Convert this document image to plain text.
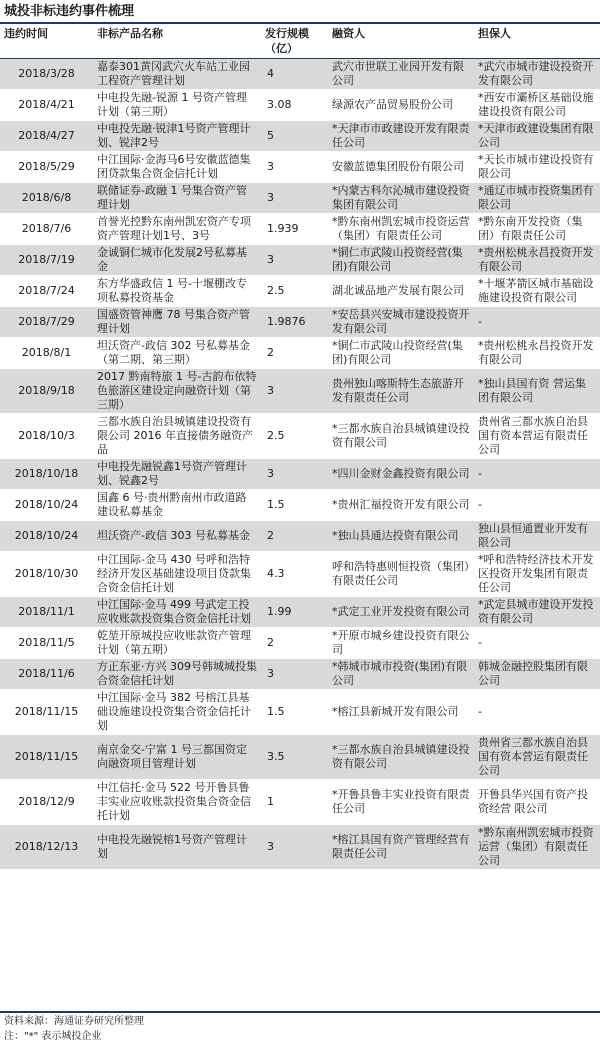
城投非标违约事件梳理
违约时间	非标产品名称	发行规模（亿）	融资人	担保人
2018/3/28	嘉泰301黄冈武穴火车站工业园工程资产管理计划	4	武穴市世联工业园开发有限公司	*武穴市城市建设投资开发有限公司
2018/4/21	中电投先融-锐源 1 号资产管理计划（第三期）	3.08	绿源农产品贸易股份公司	*西安市灞桥区基础设施建设投资有限公司
2018/4/27	中电投先融·锐津1号资产管理计划、锐津2号	5	*天津市市政建设开发有限责任公司	*天津市政建设集团有限公司
2018/5/29	中江国际·金海马6号安徽蓝德集团贷款集合资金信托计划	3	安徽蓝德集团股份有限公司	*天长市城市建设投资有限公司
2018/6/8	联储证券-政融 1 号集合资产管理计划	3	*内蒙古科尔沁城市建设投资集团有限公司	*通辽市城市投资集团有限公司
2018/7/6	首誉光控黔东南州凯宏资产专项资产管理计划1号、3号	1.939	*黔东南州凯宏城市投资运营（集团）有限责任公司	*黔东南开发投资（集团）有限责任公司
2018/7/19	金诚铜仁城市化发展2号私募基金	3	*铜仁市武陵山投资经营(集团)有限公司	*贵州松桃永昌投资开发有限公司
2018/7/24	东方华盛政信 1 号-十堰棚改专项私募投资基金	2.5	湖北诚品地产发展有限公司	*十堰茅箭区城市基础设施建设投资有限公司
2018/7/29	国盛资管神鹰 78 号集合资产管理计划	1.9876	*安岳县兴安城市建设投资开发有限公司	-
2018/8/1	坦沃资产-政信 302 号私募基金（第二期、第三期）	2	*铜仁市武陵山投资经营(集团)有限公司	*贵州松桃永昌投资开发有限公司
2018/9/18	2017 黔南特旅 1 号-古韵布依特色旅游区建设定向融资计划（第三期）	3	贵州独山喀斯特生态旅游开发有限责任公司	*独山县国有资 营运集团有限公司
2018/10/3	三都水族自治县城镇建设投资有限公司 2016 年直接债务融资产品	2.5	*三都水族自治县城镇建设投资有限公司	贵州省三都水族自治县国有资本营运有限责任公司
2018/10/18	中电投先融锐鑫1号资产管理计划、锐鑫2号	3	*四川金财金鑫投资有限公司	-
2018/10/24	国鑫 6 号·贵州黔南州市政道路建设私募基金	1.5	*贵州汇福投资开发有限公司	-
2018/10/24	坦沃资产-政信 303 号私募基金	2	*独山县通达投资有限公司	独山县恒通置业开发有限公司
2018/10/30	中江国际-金马 430 号呼和浩特经济开发区基础建设项目贷款集合资金信托计划	4.3	呼和浩特惠则恒投资（集团）有限责任公司	*呼和浩特经济技术开发区投资开发集团有限责任公司
2018/11/1	中江国际·金马 499 号武定工投应收账款投资集合资金信托计划	1.99	*武定工业开发投资有限公司	*武定县城市建设开发投资有限公司
2018/11/5	乾堃开原城投应收账款资产管理计划（第五期）	2	*开原市城乡建设投资有限公司	-
2018/11/6	方正东亚·方兴 309号韩城城投集合资金信托计划	3	*韩城市城市投资(集团)有限公司	韩城金融控股集团有限公司
2018/11/15	中江国际·金马 382 号榕江县基础设施建设投资集合资金信托计划	1.5	*榕江县新城开发有限公司	-
2018/11/15	南京金交-宁富 1 号三都国资定向融资项目管理计划	3.5	*三都水族自治县城镇建设投资有限公司	贵州省三都水族自治县国有资本营运有限责任公司
2018/12/9	中江信托·金马 522 号开鲁县鲁丰实业应收账款投资集合资金信托计划	1	*开鲁县鲁丰实业投资有限责任公司	开鲁县华兴国有资产投资经营 限公司
2018/12/13	中电投先融锐榕1号资产管理计划	3	*榕江县国有资产管理经营有限责任公司	*黔东南州凯宏城市投资运营（集团）有限责任公司
资料来源：海通证券研究所整理
注："*" 表示城投企业
